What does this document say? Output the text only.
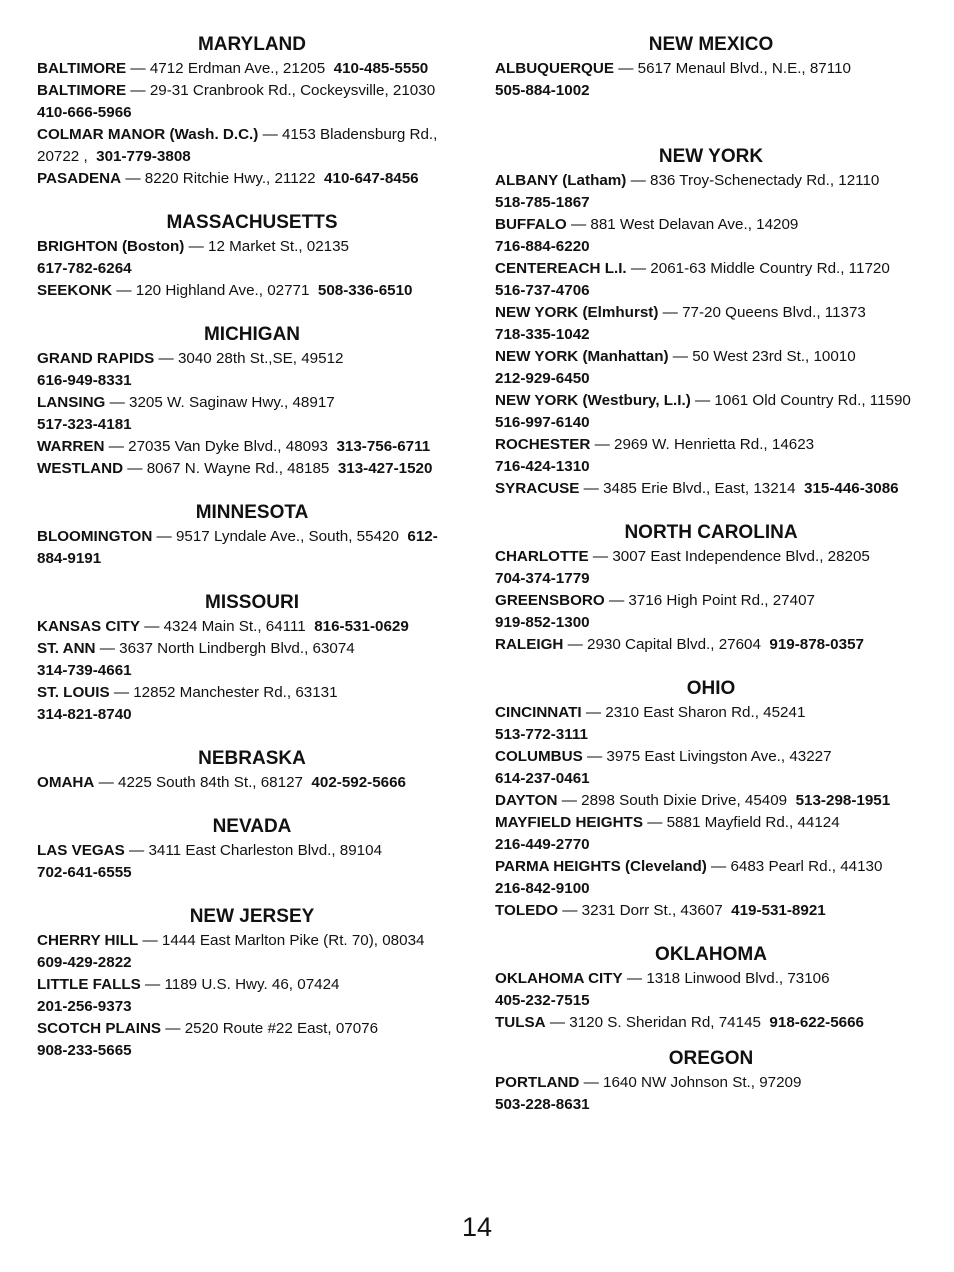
MARYLAND
BALTIMORE — 4712 Erdman Ave., 21205 410-485-5550
BALTIMORE — 29-31 Cranbrook Rd., Cockeysville, 21030
410-666-5966
COLMAR MANOR (Wash. D.C.) — 4153 Bladensburg Rd., 20722 , 301-779-3808
PASADENA — 8220 Ritchie Hwy., 21122 410-647-8456
MASSACHUSETTS
BRIGHTON (Boston) — 12 Market St., 02135
617-782-6264
SEEKONK — 120 Highland Ave., 02771 508-336-6510
MICHIGAN
GRAND RAPIDS — 3040 28th St.,SE, 49512
616-949-8331
LANSING — 3205 W. Saginaw Hwy., 48917
517-323-4181
WARREN — 27035 Van Dyke Blvd., 48093 313-756-6711
WESTLAND — 8067 N. Wayne Rd., 48185 313-427-1520
MINNESOTA
BLOOMINGTON — 9517 Lyndale Ave., South, 55420 612-884-9191
MISSOURI
KANSAS CITY — 4324 Main St., 64111 816-531-0629
ST. ANN — 3637 North Lindbergh Blvd., 63074
314-739-4661
ST. LOUIS — 12852 Manchester Rd., 63131
314-821-8740
NEBRASKA
OMAHA — 4225 South 84th St., 68127 402-592-5666
NEVADA
LAS VEGAS — 3411 East Charleston Blvd., 89104
702-641-6555
NEW JERSEY
CHERRY HILL — 1444 East Marlton Pike (Rt. 70), 08034
609-429-2822
LITTLE FALLS — 1189 U.S. Hwy. 46, 07424
201-256-9373
SCOTCH PLAINS — 2520 Route #22 East, 07076
908-233-5665
NEW MEXICO
ALBUQUERQUE — 5617 Menaul Blvd., N.E., 87110
505-884-1002
NEW YORK
ALBANY (Latham) — 836 Troy-Schenectady Rd., 12110
518-785-1867
BUFFALO — 881 West Delavan Ave., 14209
716-884-6220
CENTEREACH L.I. — 2061-63 Middle Country Rd., 11720
516-737-4706
NEW YORK (Elmhurst) — 77-20 Queens Blvd., 11373
718-335-1042
NEW YORK (Manhattan) — 50 West 23rd St., 10010
212-929-6450
NEW YORK (Westbury, L.I.) — 1061 Old Country Rd., 11590
516-997-6140
ROCHESTER — 2969 W. Henrietta Rd., 14623
716-424-1310
SYRACUSE — 3485 Erie Blvd., East, 13214 315-446-3086
NORTH CAROLINA
CHARLOTTE — 3007 East Independence Blvd., 28205
704-374-1779
GREENSBORO — 3716 High Point Rd., 27407
919-852-1300
RALEIGH — 2930 Capital Blvd., 27604 919-878-0357
OHIO
CINCINNATI — 2310 East Sharon Rd., 45241
513-772-3111
COLUMBUS — 3975 East Livingston Ave., 43227
614-237-0461
DAYTON — 2898 South Dixie Drive, 45409 513-298-1951
MAYFIELD HEIGHTS — 5881 Mayfield Rd., 44124
216-449-2770
PARMA HEIGHTS (Cleveland) — 6483 Pearl Rd., 44130
216-842-9100
TOLEDO — 3231 Dorr St., 43607 419-531-8921
OKLAHOMA
OKLAHOMA CITY — 1318 Linwood Blvd., 73106
405-232-7515
TULSA — 3120 S. Sheridan Rd, 74145 918-622-5666
OREGON
PORTLAND — 1640 NW Johnson St., 97209
503-228-8631
14
